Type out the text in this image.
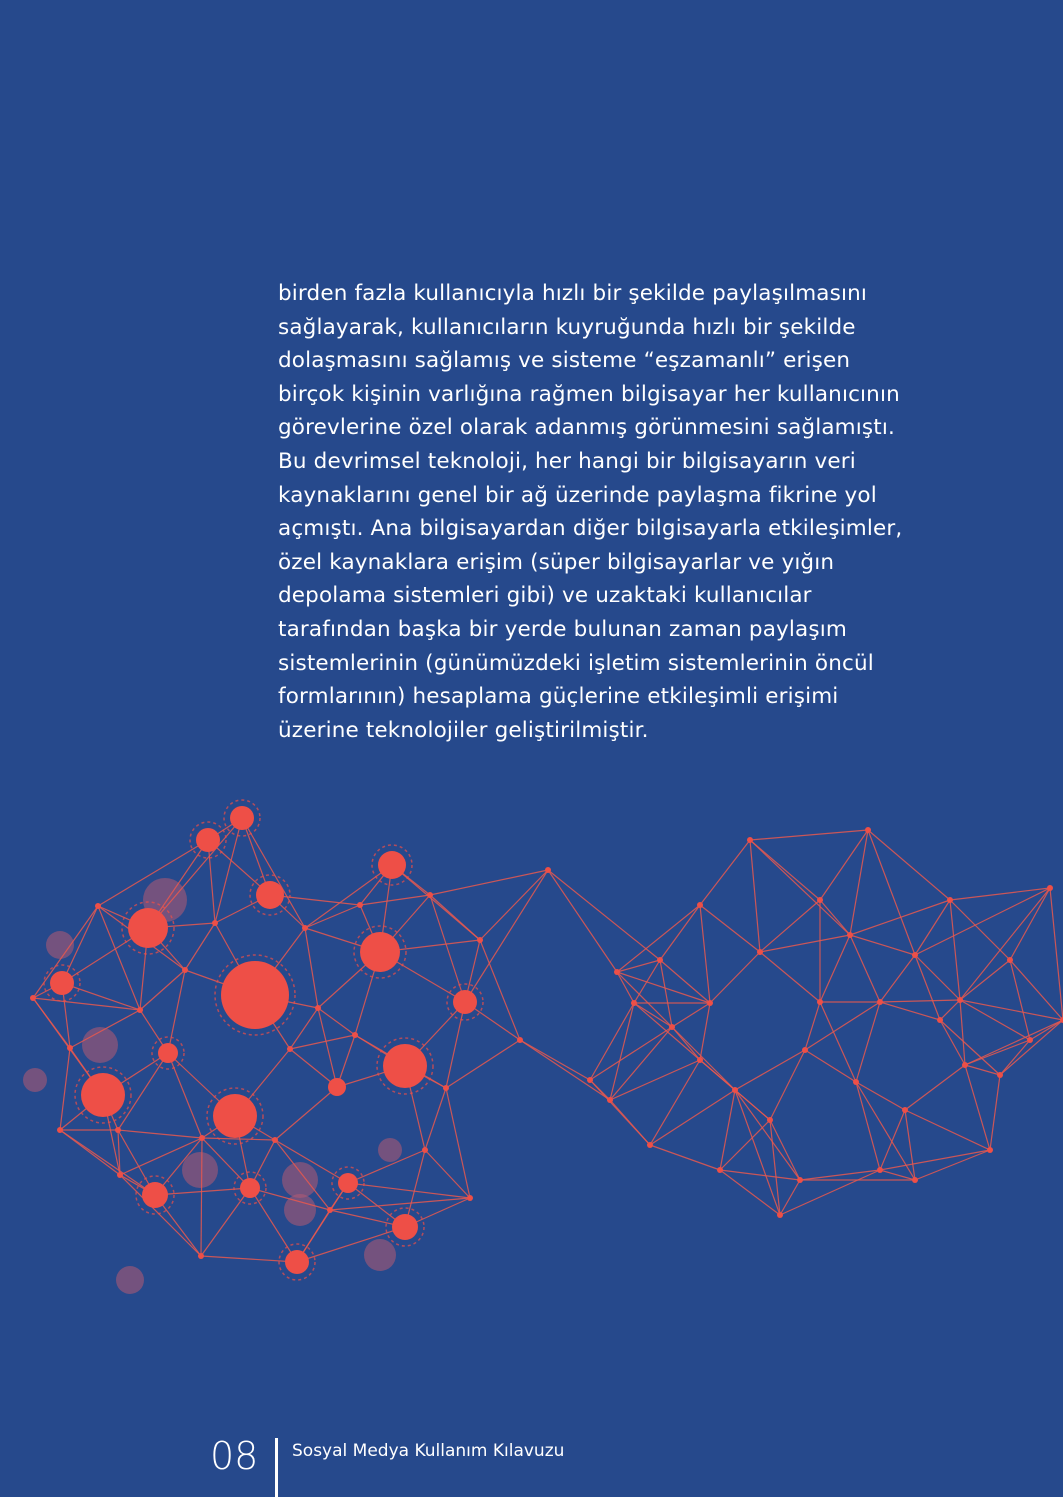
birden fazla kullanıcıyla hızlı bir şekilde paylaşılmasını
sağlayarak, kullanıcıların kuyruğunda hızlı bir şekilde
dolaşmasını sağlamış ve sisteme “eşzamanlı” erişen
birçok kişinin varlığına rağmen bilgisayar her kullanıcının
görevlerine özel olarak adanmış görünmesini sağlamıştı.
Bu devrimsel teknoloji, her hangi bir bilgisayarın veri
kaynaklarını genel bir ağ üzerinde paylaşma fikrine yol
açmıştı. Ana bilgisayardan diğer bilgisayarla etkileşimler,
özel kaynaklara erişim (süper bilgisayarlar ve yığın
depolama sistemleri gibi) ve uzaktaki kullanıcılar
tarafından başka bir yerde bulunan zaman paylaşım
sistemlerinin (günümüzdeki işletim sistemlerinin öncül
formlarının) hesaplama güçlerine etkileşimli erişimi
üzerine teknolojiler geliştirilmiştir.
08 Sosyal Medya Kullanım Kılavuzu
